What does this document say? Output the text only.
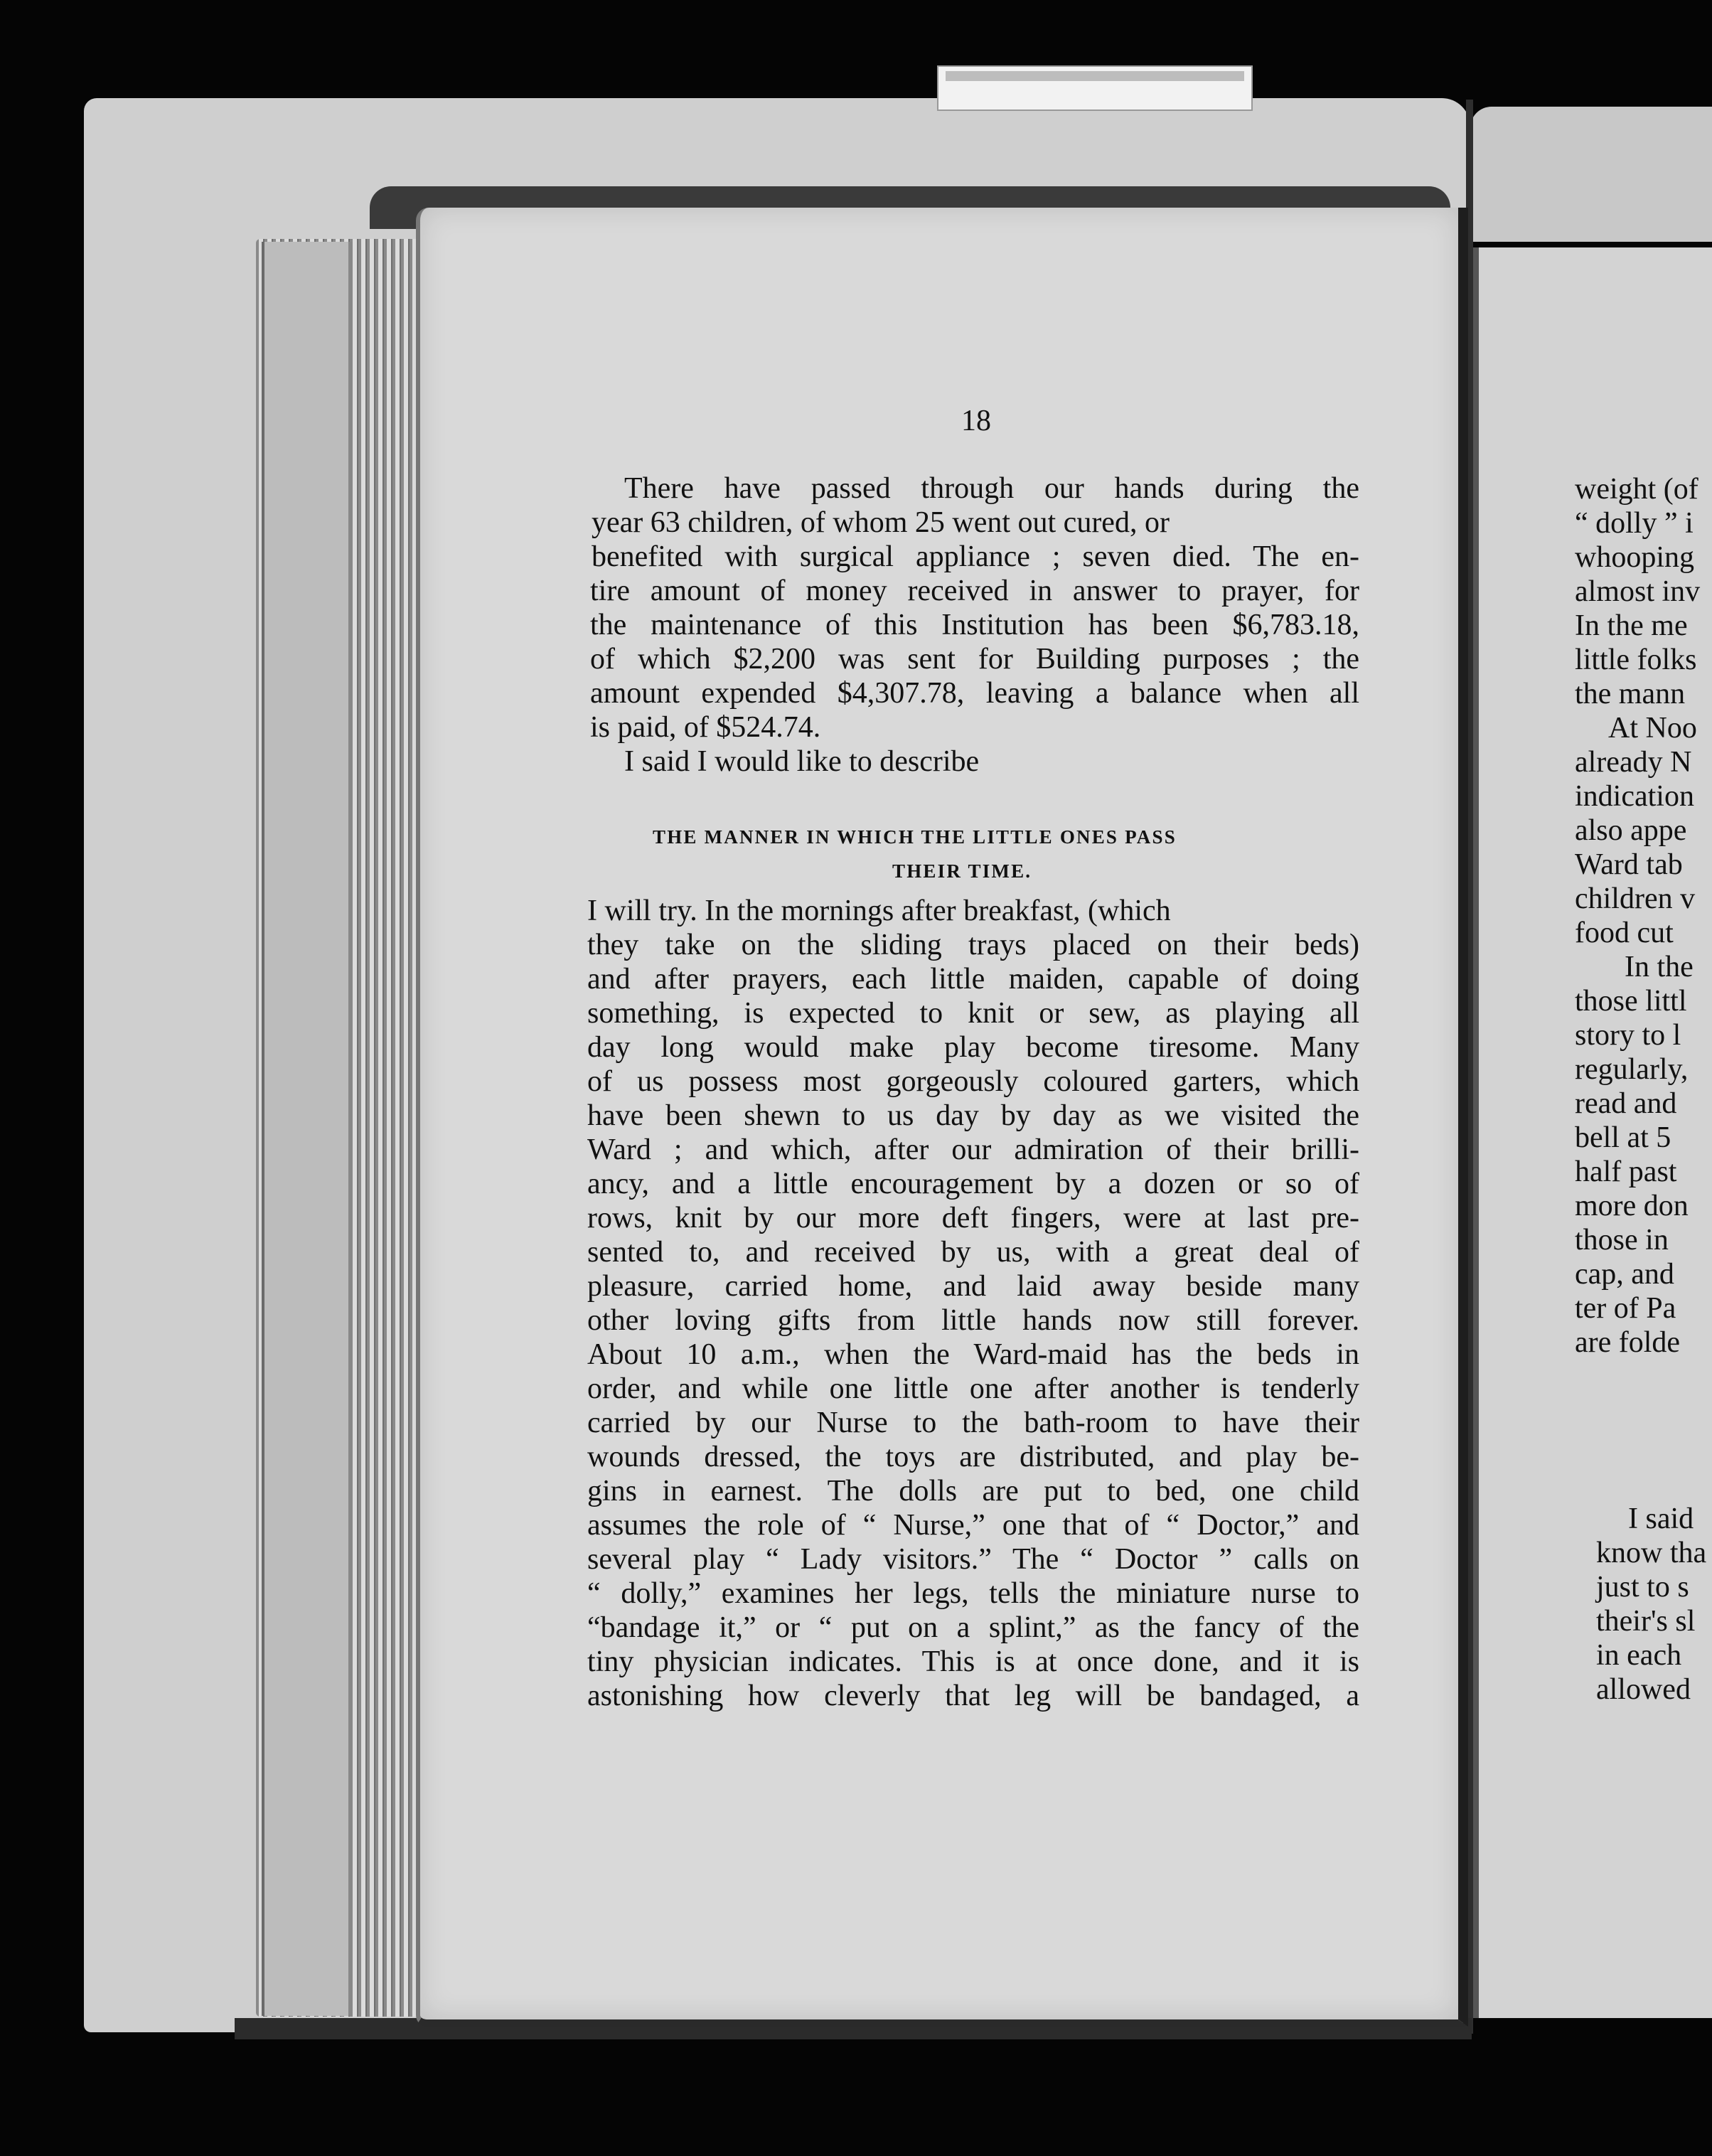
18
There have passed through our hands during the
year 63 children, of whom 25 went out cured, or
benefited with surgical appliance ; seven died. The en-
tire amount of money received in answer to prayer, for
the maintenance of this Institution has been $6,783.18,
of which $2,200 was sent for Building purposes ; the
amount expended $4,307.78, leaving a balance when all
is paid, of $524.74.
I said I would like to describe
THE MANNER IN WHICH THE LITTLE ONES PASS
THEIR TIME.
I will try. In the mornings after breakfast, (which
they take on the sliding trays placed on their beds)
and after prayers, each little maiden, capable of doing
something, is expected to knit or sew, as playing all
day long would make play become tiresome. Many
of us possess most gorgeously coloured garters, which
have been shewn to us day by day as we visited the
Ward ; and which, after our admiration of their brilli-
ancy, and a little encouragement by a dozen or so of
rows, knit by our more deft fingers, were at last pre-
sented to, and received by us, with a great deal of
pleasure, carried home, and laid away beside many
other loving gifts from little hands now still forever.
About 10 a.m., when the Ward-maid has the beds in
order, and while one little one after another is tenderly
carried by our Nurse to the bath-room to have their
wounds dressed, the toys are distributed, and play be-
gins in earnest. The dolls are put to bed, one child
assumes the role of “ Nurse,” one that of “ Doctor,” and
several play “ Lady visitors.” The “ Doctor ” calls on
“ dolly,” examines her legs, tells the miniature nurse to
“bandage it,” or “ put on a splint,” as the fancy of the
tiny physician indicates. This is at once done, and it is
astonishing how cleverly that leg will be bandaged, a
weight (of
“ dolly ” i
whooping
almost inv
In the me
little folks
the mann
At Noo
already N
indication
also appe
Ward tab
children v
food cut
In the
those littl
story to l
regularly,
read and
bell at 5
half past
more don
those in
cap, and
ter of Pa
are folde
I said
know tha
just to s
their's sl
in each
allowed
